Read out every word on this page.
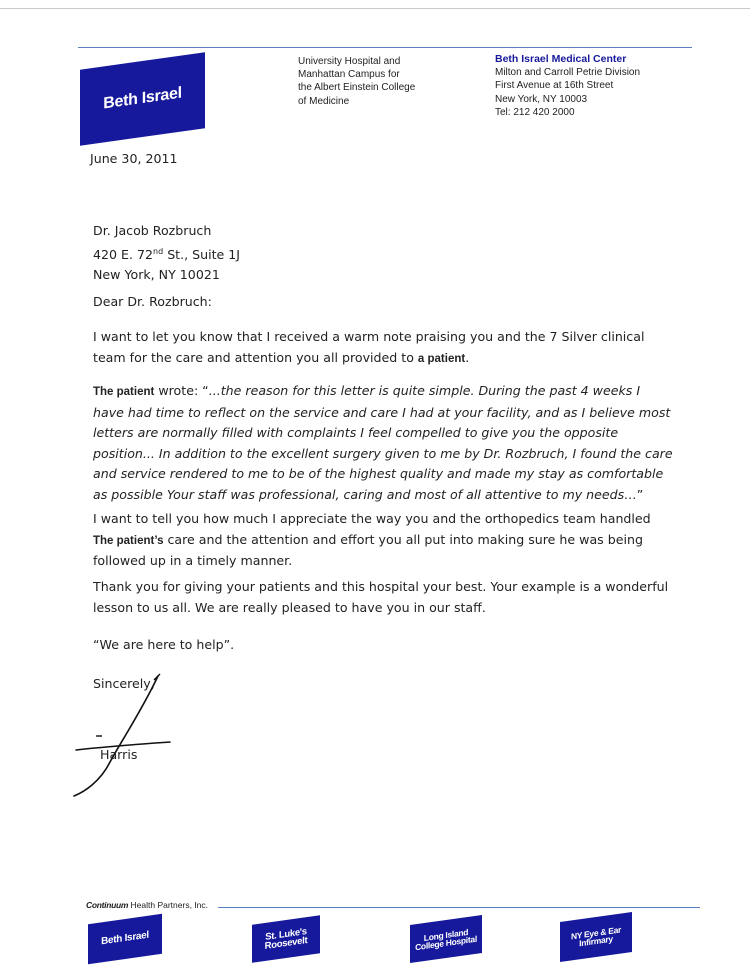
Beth Israel
University Hospital and
Manhattan Campus for
the Albert Einstein College
of Medicine
Beth Israel Medical Center
Milton and Carroll Petrie Division
First Avenue at 16th Street
New York, NY 10003
Tel: 212 420 2000
June 30, 2011
Dr. Jacob Rozbruch
420 E. 72nd St., Suite 1J
New York, NY 10021
Dear Dr. Rozbruch:
I want to let you know that I received a warm note praising you and the 7 Silver clinical team for the care and attention you all provided to a patient.
The patient wrote: “...the reason for this letter is quite simple. During the past 4 weeks I have had time to reflect on the service and care I had at your facility, and as I believe most letters are normally filled with complaints I feel compelled to give you the opposite position... In addition to the excellent surgery given to me by Dr. Rozbruch, I found the care and service rendered to me to be of the highest quality and made my stay as comfortable as possible Your staff was professional, caring and most of all attentive to my needs…”
I want to tell you how much I appreciate the way you and the orthopedics team handled The patient’s care and the attention and effort you all put into making sure he was being followed up in a timely manner.
Thank you for giving your patients and this hospital your best. Your example is a wonderful lesson to us all. We are really pleased to have you in our staff.
“We are here to help”.
Sincerely,
Harris
Continuum Health Partners, Inc.
Beth Israel	St. Luke's Roosevelt
Long Island College Hospital
NY Eye & Ear Infirmary
